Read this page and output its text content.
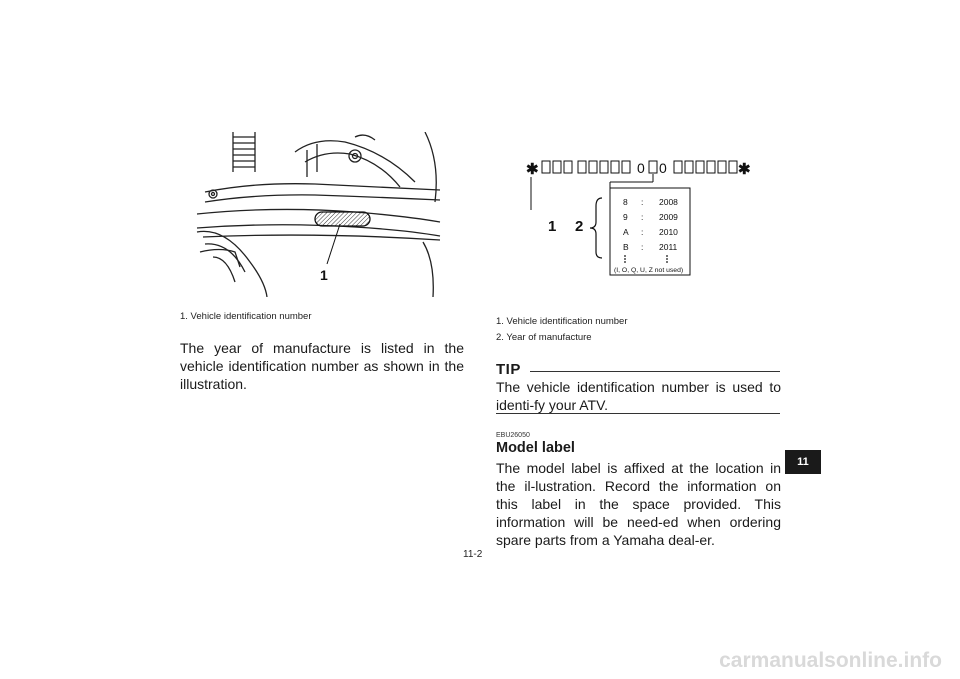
1
1. Vehicle identification number
The year of manufacture is listed in the vehicle identification number as shown in the illustration.
✱	✱
0 0
1 2
8 : 2008
9 : 2009
A : 2010
B : 2011
(I, O, Q, U, Z not used)
1. Vehicle identification number
2. Year of manufacture
TIP
The vehicle identification number is used to identi-fy your ATV.
EBU26050
Model label
The model label is affixed at the location in the il-lustration. Record the information on this label in the space provided. This information will be need-ed when ordering spare parts from a Yamaha deal-er.
11-2
11
carmanualsonline.info
